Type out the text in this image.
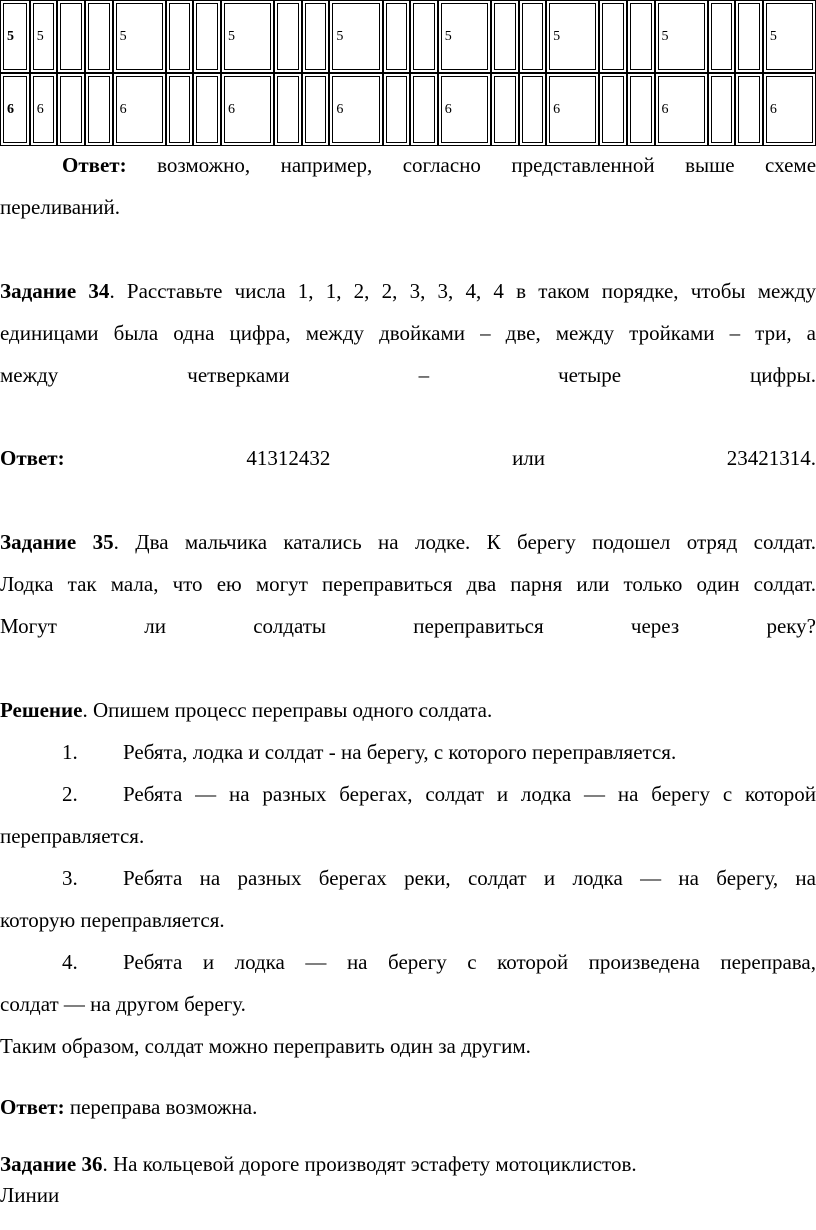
5	5			5			5			5			5			5			5			5
6	6			6			6			6			6			6			6			6

Ответ: возможно, например, согласно представленной выше схеме

переливаний.

Задание 34. Расставьте числа 1, 1, 2, 2, 3, 3, 4, 4 в таком порядке, чтобы между

единицами была одна цифра, между двойками – две, между тройками – три, а

между	четверками	–	четыре	цифры.

Ответ:	41312432	или	23421314.

Задание 35. Два мальчика катались на лодке. К берегу подошел отряд солдат.

Лодка так мала, что ею могут переправиться два парня или только один солдат.

Могут	ли	солдаты	переправиться	через	реку?

Решение. Опишем процесс переправы одного солдата.

1. Ребята, лодка и солдат - на берегу, с которого переправляется.

2. Ребята — на разных берегах, солдат и лодка — на берегу с которой

переправляется.

3. Ребята на разных берегах реки, солдат и лодка — на берегу, на

которую переправляется.

4. Ребята и лодка — на берегу с которой произведена переправа,

солдат — на другом берегу.

Таким образом, солдат можно переправить один за другим.

Ответ: переправа возможна.

Задание 36. На кольцевой дороге производят эстафету мотоциклистов.

Линии
